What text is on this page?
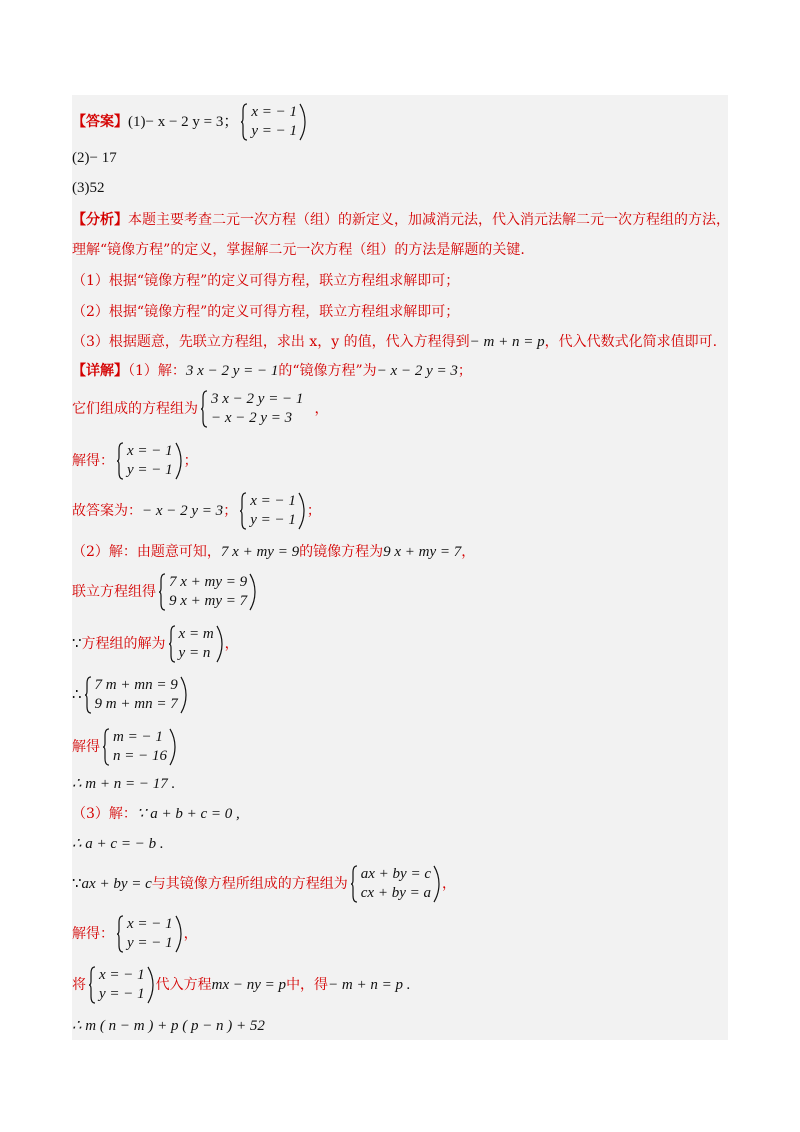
【答案】(1)− x − 2 y = 3；
x = − 1
y = − 1
(2)− 17
(3)52
【分析】本题主要考查二元一次方程（组）的新定义，加减消元法，代入消元法解二元一次方程组的方法，
理解“镜像方程”的定义，掌握解二元一次方程（组）的方法是解题的关键.
（1）根据“镜像方程”的定义可得方程，联立方程组求解即可；
（2）根据“镜像方程”的定义可得方程，联立方程组求解即可；
（3）根据题意，先联立方程组，求出 x，y 的值，代入方程得到− m + n = p，代入代数式化简求值即可.
【详解】（1）解：3 x − 2 y = − 1的“镜像方程”为− x − 2 y = 3；
它们组成的方程组为
3 x − 2 y = − 1
− x − 2 y = 3
，
解得：
x = − 1
y = − 1
；
故答案为：− x − 2 y = 3；
x = − 1
y = − 1
；
（2）解：由题意可知，7 x + my = 9的镜像方程为9 x + my = 7，
联立方程组得
7 x + my = 9
9 x + my = 7
∵方程组的解为
x = m
y = n
，
∴
7 m + mn = 9
9 m + mn = 7
解得
m = − 1
n = − 16
∴ m + n = − 17 .
（3）解：∵ a + b + c = 0 ,
∴ a + c = − b .
∵ax + by = c与其镜像方程所组成的方程组为
ax + by = c
cx + by = a
，
解得：
x = − 1
y = − 1
，
将
x = − 1
y = − 1
代入方程mx − ny = p中，得− m + n = p .
∴ m ( n − m ) + p ( p − n ) + 52
